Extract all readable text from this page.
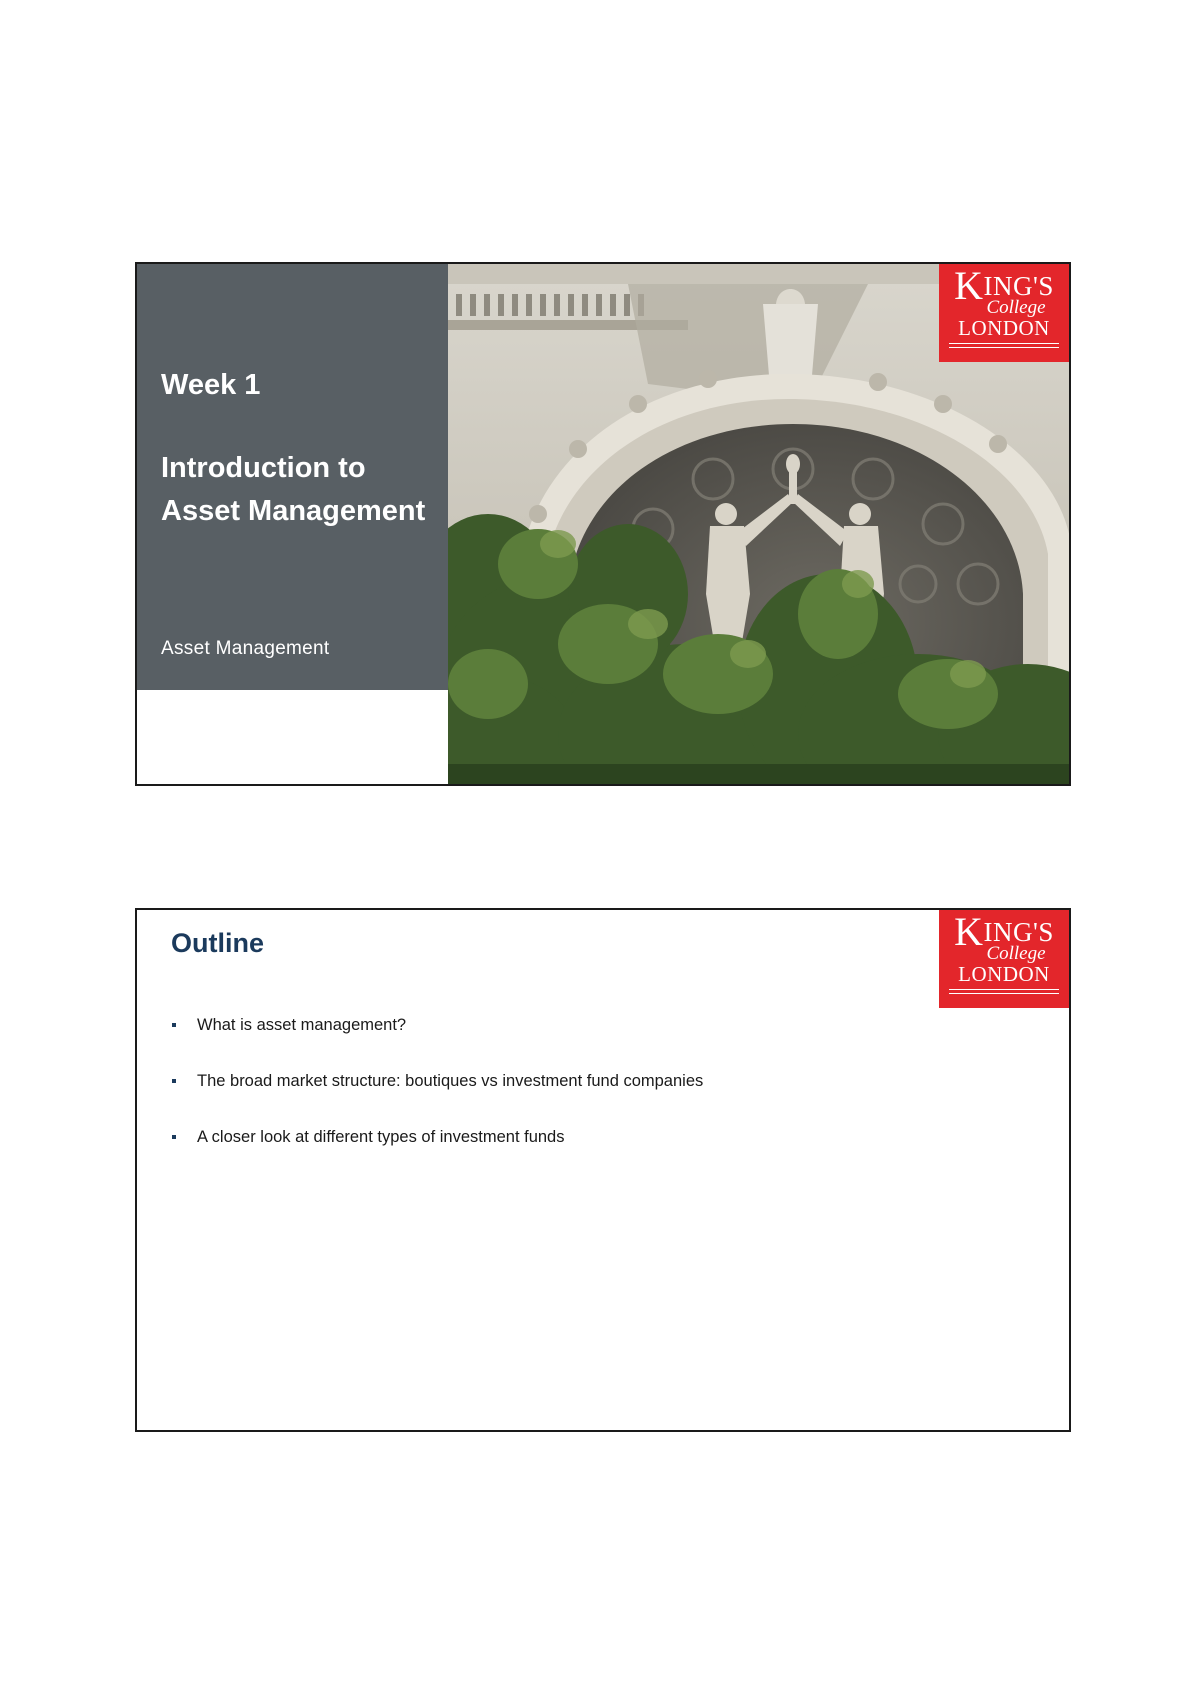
Week 1
Introduction to Asset Management
Asset Management
KING'S
College
LONDON
Outline	KING'S
College
LONDON
What is asset management?
The broad market structure: boutiques vs investment fund companies
A closer look at different types of investment funds
